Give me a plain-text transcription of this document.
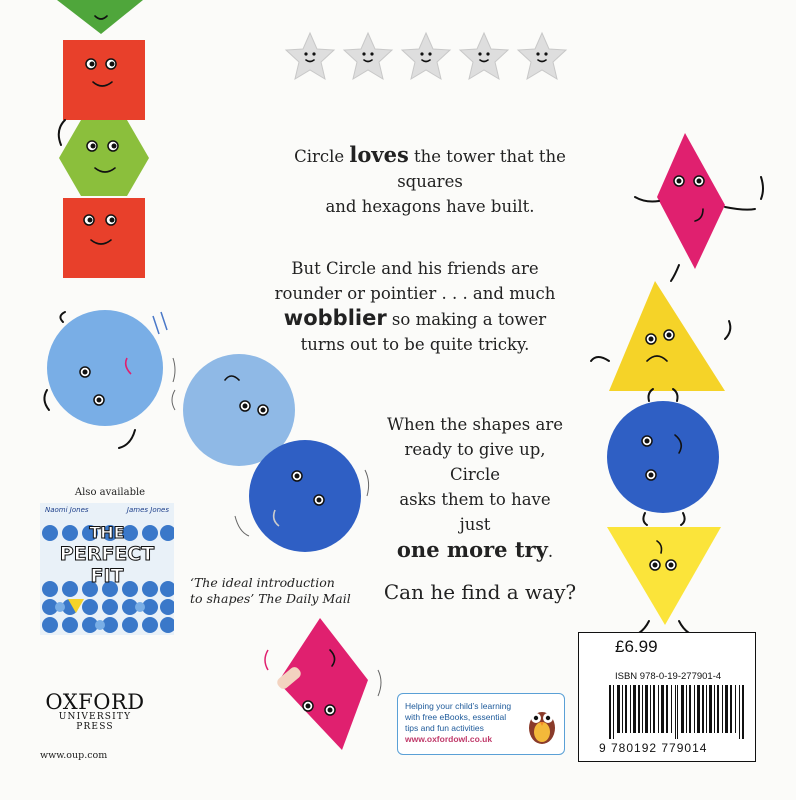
Circle loves the tower that the squares
and hexagons have built.
But Circle and his friends are
rounder or pointier . . . and much
wobblier so making a tower
turns out to be quite tricky.
When the shapes are
ready to give up, Circle
asks them to have just
one more try.
Can he find a way?
Also available
Naomi Jones	James Jones
THE
PERFECT
FIT	‘The ideal introduction
to shapes’ The Daily Mail
OXFORD
UNIVERSITY PRESS
www.oup.com
Helping your child’s learning
with free eBooks, essential
tips and fun activities
www.oxfordowl.co.uk
£6.99
ISBN 978-0-19-277901-4
9 780192 779014
